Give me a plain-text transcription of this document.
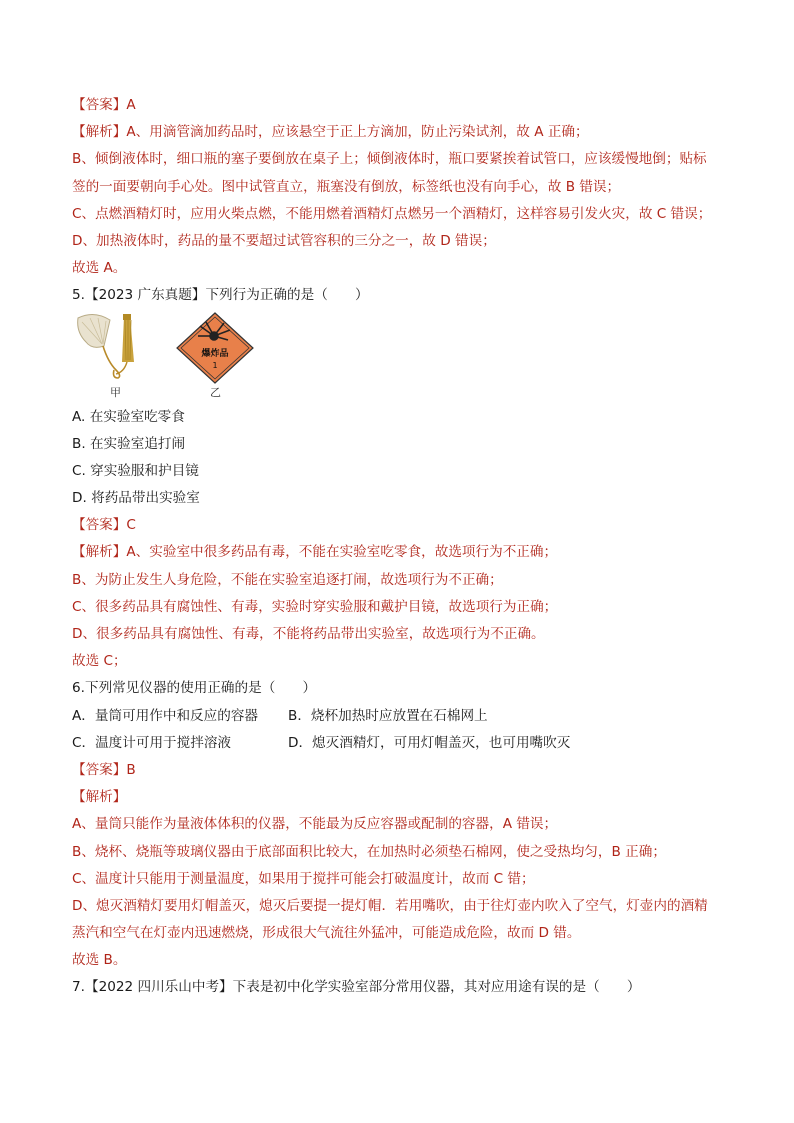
【答案】A
【解析】A、用滴管滴加药品时，应该悬空于正上方滴加，防止污染试剂，故 A 正确；
B、倾倒液体时，细口瓶的塞子要倒放在桌子上；倾倒液体时，瓶口要紧挨着试管口，应该缓慢地倒；贴标
签的一面要朝向手心处。图中试管直立，瓶塞没有倒放，标签纸也没有向手心，故 B 错误；
C、点燃酒精灯时，应用火柴点燃，不能用燃着酒精灯点燃另一个酒精灯，这样容易引发火灾，故 C 错误；
D、加热液体时，药品的量不要超过试管容积的三分之一，故 D 错误；
故选 A。
5.【2023 广东真题】下列行为正确的是（　　）
甲
爆炸品
1
乙
A. 在实验室吃零食
B. 在实验室追打闹
C. 穿实验服和护目镜
D. 将药品带出实验室
【答案】C
【解析】A、实验室中很多药品有毒，不能在实验室吃零食，故选项行为不正确；
B、为防止发生人身危险，不能在实验室追逐打闹，故选项行为不正确；
C、很多药品具有腐蚀性、有毒，实验时穿实验服和戴护目镜，故选项行为正确；
D、很多药品具有腐蚀性、有毒，不能将药品带出实验室，故选项行为不正确。
故选 C；
6.下列常见仪器的使用正确的是（　　）
A．量筒可用作中和反应的容器 B．烧杯加热时应放置在石棉网上
C．温度计可用于搅拌溶液	D．熄灭酒精灯，可用灯帽盖灭，也可用嘴吹灭
【答案】B
【解析】
A、量筒只能作为量液体体积的仪器，不能最为反应容器或配制的容器，A 错误；
B、烧杯、烧瓶等玻璃仪器由于底部面积比较大，在加热时必须垫石棉网，使之受热均匀，B 正确；
C、温度计只能用于测量温度，如果用于搅拌可能会打破温度计，故而 C 错；
D、熄灭酒精灯要用灯帽盖灭，熄灭后要提一提灯帽．若用嘴吹，由于往灯壶内吹入了空气，灯壶内的酒精
蒸汽和空气在灯壶内迅速燃烧，形成很大气流往外猛冲，可能造成危险，故而 D 错。
故选 B。
7.【2022 四川乐山中考】下表是初中化学实验室部分常用仪器，其对应用途有误的是（　　）
